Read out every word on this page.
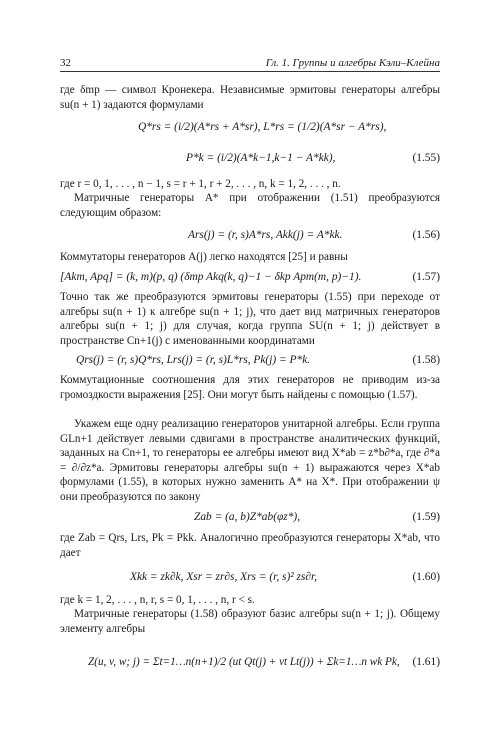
32	Гл. 1. Группы и алгебры Кэли–Клейна
где δmp — символ Кронекера. Независимые эрмитовы генераторы алгебры su(n + 1) задаются формулами
Q*rs = (i/2)(A*rs + A*sr), L*rs = (1/2)(A*sr − A*rs),
P*k = (i/2)(A*k−1,k−1 − A*kk),	(1.55)
где r = 0, 1, . . . , n − 1, s = r + 1, r + 2, . . . , n, k = 1, 2, . . . , n.
Матричные генераторы A* при отображении (1.51) преобразуются следующим образом:
Ars(j) = (r, s)A*rs, Akk(j) = A*kk.	(1.56)
Коммутаторы генераторов A(j) легко находятся [25] и равны
[Akm, Apq] = (k, m)(p, q) (δmp Akq(k, q)−1 − δkp Apm(m, p)−1).	(1.57)
Точно так же преобразуются эрмитовы генераторы (1.55) при переходе от алгебры su(n + 1) к алгебре su(n + 1; j), что дает вид матричных генераторов алгебры su(n + 1; j) для случая, когда группа SU(n + 1; j) действует в пространстве Cn+1(j) с именованными координатами
Qrs(j) = (r, s)Q*rs, Lrs(j) = (r, s)L*rs, Pk(j) = P*k.	(1.58)
Коммутационные соотношения для этих генераторов не приводим из-за громоздкости выражения [25]. Они могут быть найдены с помощью (1.57).
Укажем еще одну реализацию генераторов унитарной алгебры. Если группа GLn+1 действует левыми сдвигами в пространстве аналитических функций, заданных на Cn+1, то генераторы ее алгебры имеют вид X*ab = z*b∂*a, где ∂*a = ∂/∂z*a. Эрмитовы генераторы алгебры su(n + 1) выражаются через X*ab формулами (1.55), в которых нужно заменить A* на X*. При отображении ψ они преобразуются по закону
Zab = (a, b)Z*ab(φz*),	(1.59)
где Zab = Qrs, Lrs, Pk = Pkk. Аналогично преобразуются генераторы X*ab, что дает
Xkk = zk∂k, Xsr = zr∂s, Xrs = (r, s)² zs∂r,	(1.60)
где k = 1, 2, . . . , n, r, s = 0, 1, . . . , n, r < s.
Матричные генераторы (1.58) образуют базис алгебры su(n + 1; j). Общему элементу алгебры
Z(u, v, w; j) = Σt=1…n(n+1)/2 (ut Qt(j) + vt Lt(j)) + Σk=1…n wk Pk, (1.61)
